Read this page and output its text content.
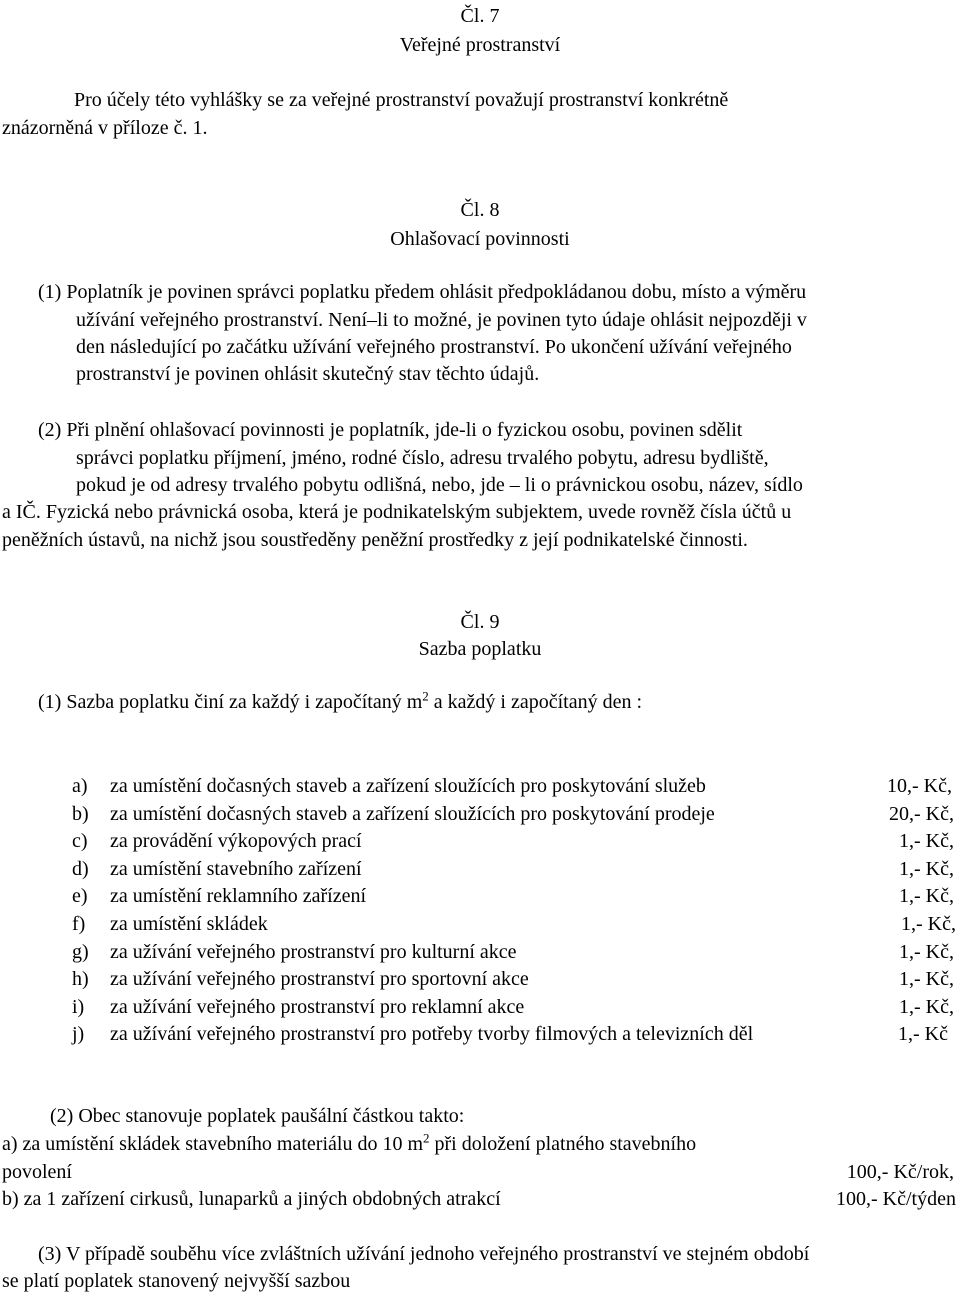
Čl. 7
Veřejné prostranství
Pro účely této vyhlášky se za veřejné prostranství považují prostranství konkrétně
znázorněná v příloze č. 1.
Čl. 8
Ohlašovací povinnosti
(1) Poplatník je povinen správci poplatku předem ohlásit předpokládanou dobu, místo a výměru
užívání veřejného prostranství. Není–li to možné, je povinen tyto údaje ohlásit nejpozději v
den následující po začátku užívání veřejného prostranství. Po ukončení užívání veřejného
prostranství je povinen ohlásit skutečný stav těchto údajů.
(2) Při plnění ohlašovací povinnosti je poplatník, jde-li o fyzickou osobu, povinen sdělit
správci poplatku příjmení, jméno, rodné číslo, adresu trvalého pobytu, adresu bydliště,
pokud je od adresy trvalého pobytu odlišná, nebo, jde – li o právnickou osobu, název, sídlo
a IČ. Fyzická nebo právnická osoba, která je podnikatelským subjektem, uvede rovněž čísla účtů u
peněžních ústavů, na nichž jsou soustředěny peněžní prostředky z její podnikatelské činnosti.
Čl. 9
Sazba poplatku
(1) Sazba poplatku činí za každý i započítaný $m^2$ a každý i započítaný den :
a)	za umístění dočasných staveb a zařízení sloužících pro poskytování služeb	10,- Kč,
b)	za umístění dočasných staveb a zařízení sloužících pro poskytování prodeje	20,- Kč,
c)	za provádění výkopových prací	1,- Kč,
d)	za umístění stavebního zařízení	1,- Kč,
e)	za umístění reklamního zařízení	1,- Kč,
f)	za umístění skládek	1,- Kč,
g)	za užívání veřejného prostranství pro kulturní akce	1,- Kč,
h)	za užívání veřejného prostranství pro sportovní akce	1,- Kč,
i)	za užívání veřejného prostranství pro reklamní akce	1,- Kč,
j)	za užívání veřejného prostranství pro potřeby tvorby filmových a televizních děl	1,- Kč
(2) Obec stanovuje poplatek paušální částkou takto:
a) za umístění skládek stavebního materiálu do 10 $m^2$ při doložení platného stavebního
povolení	100,- Kč/rok,
b) za 1 zařízení cirkusů, lunaparků a jiných obdobných atrakcí	100,- Kč/týden
(3) V případě souběhu více zvláštních užívání jednoho veřejného prostranství ve stejném období
se platí poplatek stanovený nejvyšší sazbou
